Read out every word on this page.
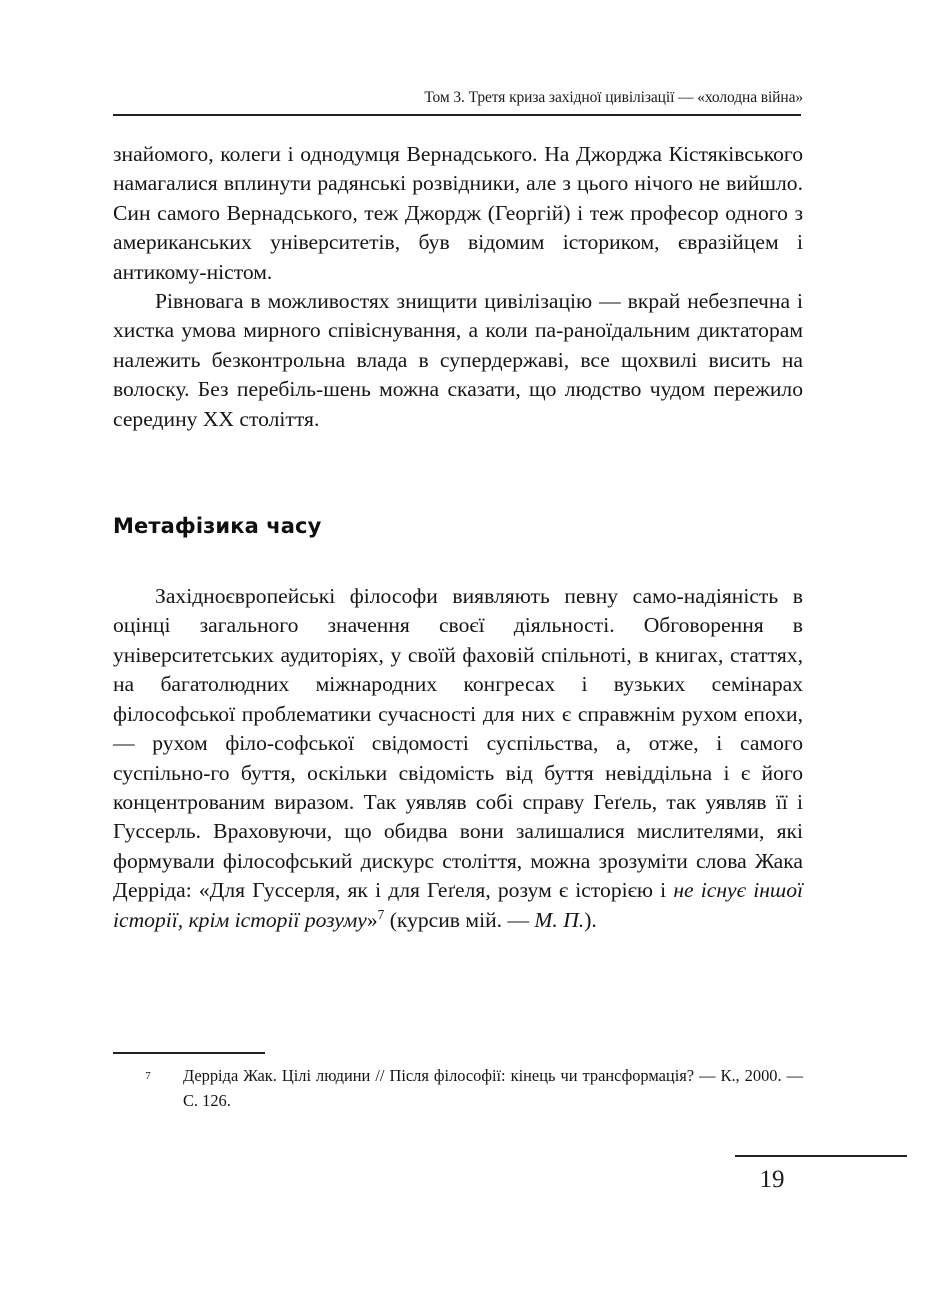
Том 3. Третя криза західної цивілізації — «холодна війна»

знайомого, колеги і однодумця Вернадського. На Джорджа Кістяківського намагалися вплинути радянські розвідники, але з цього нічого не вийшло. Син самого Вернадського, теж Джордж (Георгій) і теж професор одного з американських університетів, був відомим істориком, євразійцем і антикому-ністом.

Рівновага в можливостях знищити цивілізацію — вкрай небезпечна і хистка умова мирного співіснування, а коли па-раноїдальним диктаторам належить безконтрольна влада в супердержаві, все щохвилі висить на волоску. Без перебіль-шень можна сказати, що людство чудом пережило середину ХХ століття.

Метафізика часу

Західноєвропейські філософи виявляють певну само-надіяність в оцінці загального значення своєї діяльності. Обговорення в університетських аудиторіях, у своїй фаховій спільноті, в книгах, статтях, на багатолюдних міжнародних конгресах і вузьких семінарах філософської проблематики сучасності для них є справжнім рухом епохи, — рухом філо-софської свідомості суспільства, а, отже, і самого суспільно-го буття, оскільки свідомість від буття невіддільна і є його концентрованим виразом. Так уявляв собі справу Геґель, так уявляв її і Гуссерль. Враховуючи, що обидва вони залишалися мислителями, які формували філософський дискурс століття, можна зрозуміти слова Жака Дерріда: «Для Гуссерля, як і для Геґеля, розум є історією і не існує іншої історії, крім історії розуму»$^7$ (курсив мій. — М. П.).

7	Дерріда Жак. Цілі людини // Після філософії: кінець чи трансформація? — К., 2000. — С. 126.
19
